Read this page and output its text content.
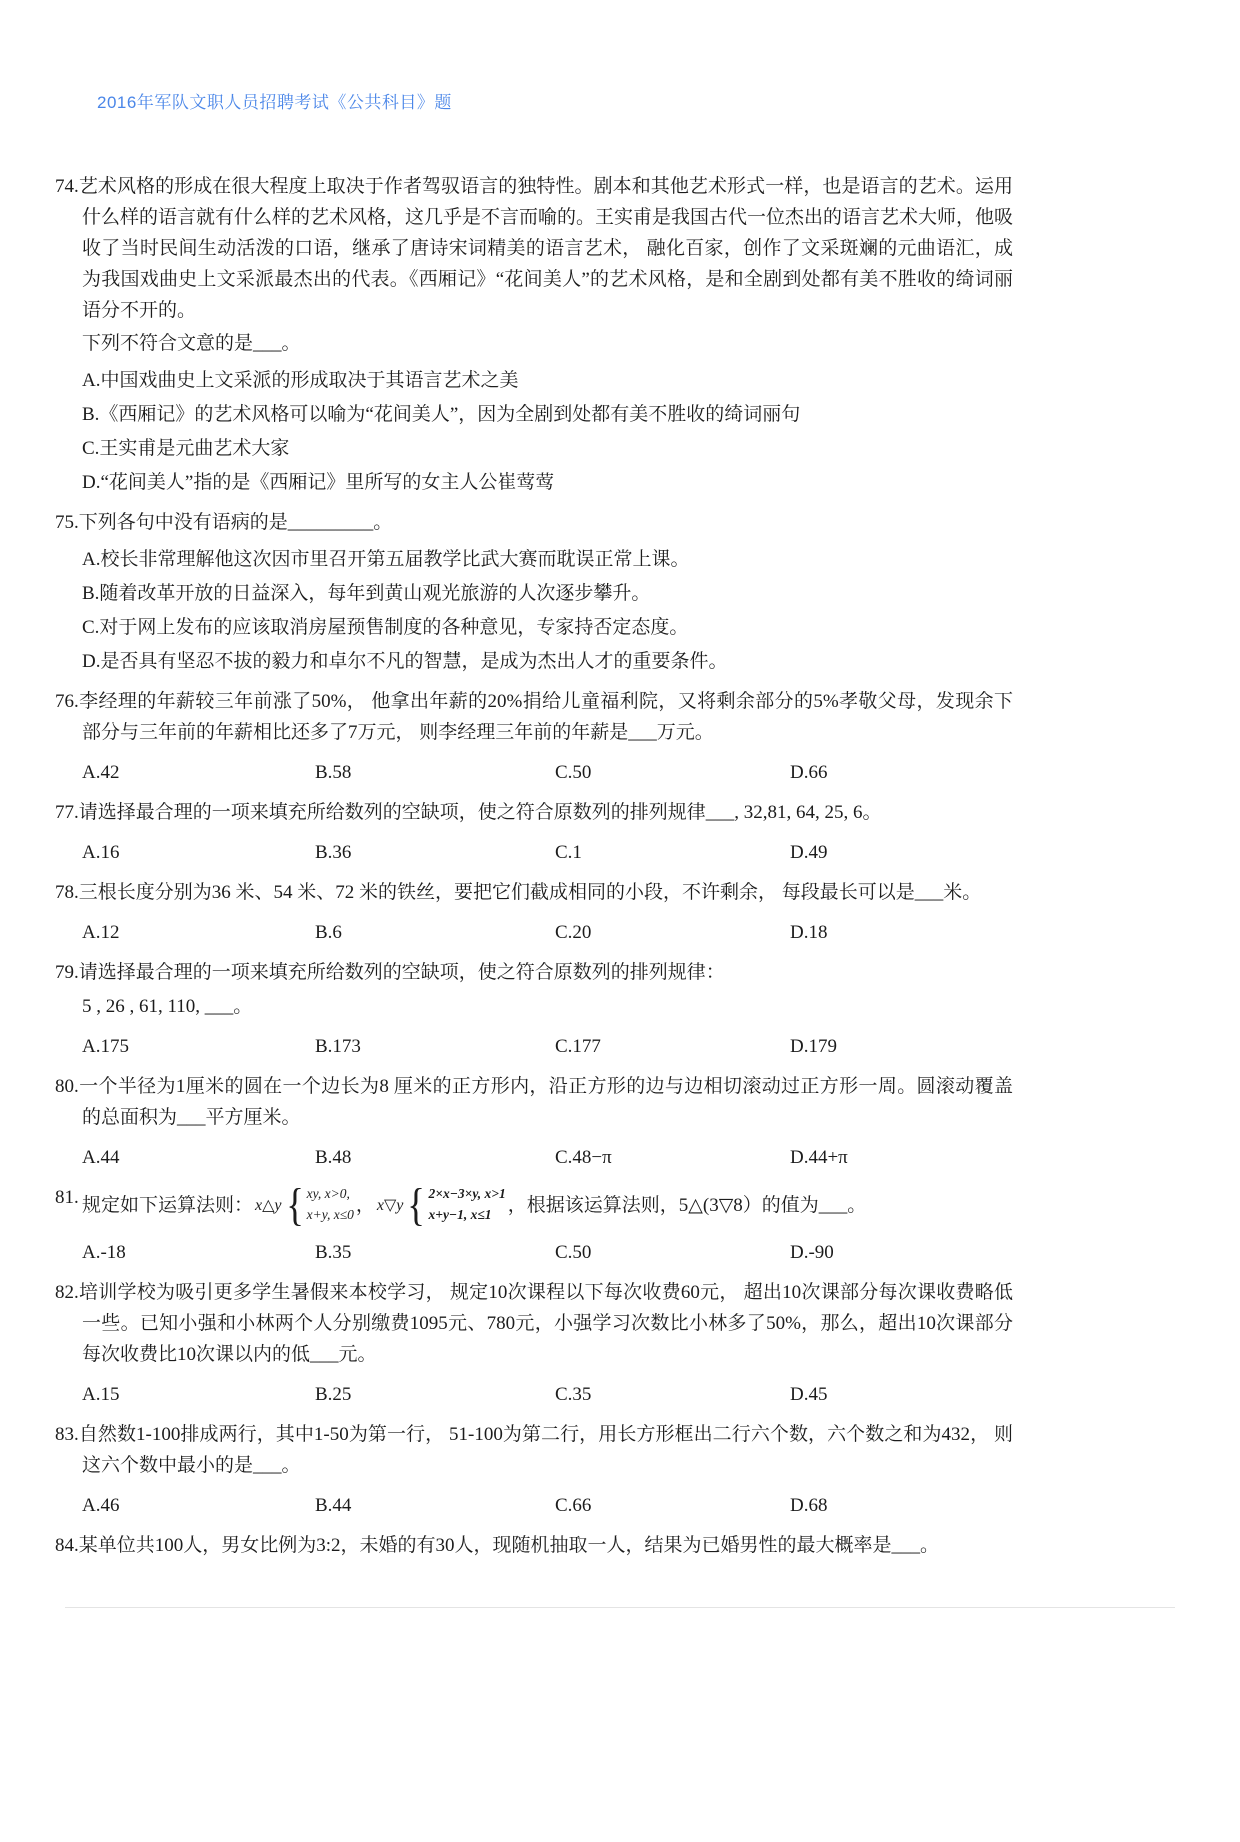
2016年军队文职人员招聘考试《公共科目》题

74.艺术风格的形成在很大程度上取决于作者驾驭语言的独特性。剧本和其他艺术形式一样，也是语言的艺术。运用什么样的语言就有什么样的艺术风格，这几乎是不言而喻的。王实甫是我国古代一位杰出的语言艺术大师，他吸收了当时民间生动活泼的口语，继承了唐诗宋词精美的语言艺术， 融化百家，创作了文采斑斓的元曲语汇，成为我国戏曲史上文采派最杰出的代表。《西厢记》“花间美人”的艺术风格，是和全剧到处都有美不胜收的绮词丽语分不开的。

下列不符合文意的是___。

A.中国戏曲史上文采派的形成取决于其语言艺术之美
B.《西厢记》的艺术风格可以喻为“花间美人”，因为全剧到处都有美不胜收的绮词丽句
C.王实甫是元曲艺术大家
D.“花间美人”指的是《西厢记》里所写的女主人公崔莺莺

75.下列各句中没有语病的是_________。

A.校长非常理解他这次因市里召开第五届教学比武大赛而耽误正常上课。
B.随着改革开放的日益深入，每年到黄山观光旅游的人次逐步攀升。
C.对于网上发布的应该取消房屋预售制度的各种意见，专家持否定态度。
D.是否具有坚忍不拔的毅力和卓尔不凡的智慧，是成为杰出人才的重要条件。

76.李经理的年薪较三年前涨了50%， 他拿出年薪的20%捐给儿童福利院，又将剩余部分的5%孝敬父母，发现余下部分与三年前的年薪相比还多了7万元， 则李经理三年前的年薪是___万元。

A.42	B.58	C.50	D.66

77.请选择最合理的一项来填充所给数列的空缺项，使之符合原数列的排列规律___, 32,81, 64, 25, 6。

A.16	B.36	C.1	D.49

78.三根长度分别为36 米、54 米、72 米的铁丝，要把它们截成相同的小段，不许剩余， 每段最长可以是___米。

A.12	B.6	C.20	D.18

79.请选择最合理的一项来填充所给数列的空缺项，使之符合原数列的排列规律：

5 , 26 , 61, 110, ___。

A.175	B.173	C.177	D.179

80.一个半径为1厘米的圆在一个边长为8 厘米的正方形内，沿正方形的边与边相切滚动过正方形一周。圆滚动覆盖的总面积为___平方厘米。

A.44	B.48	C.48−π	D.44+π
81. 规定如下运算法则： x△y { xy, x>0,
x+y, x≤0 ， x▽y { 2×x−3×y, x>1
x+y−1, x≤1 ，根据该运算法则，5△(3▽8）的值为___。
A.-18	B.35	C.50	D.-90

82.培训学校为吸引更多学生暑假来本校学习， 规定10次课程以下每次收费60元， 超出10次课部分每次课收费略低一些。已知小强和小林两个人分别缴费1095元、780元，小强学习次数比小林多了50%，那么，超出10次课部分每次收费比10次课以内的低___元。

A.15	B.25	C.35	D.45

83.自然数1-100排成两行，其中1-50为第一行， 51-100为第二行，用长方形框出二行六个数，六个数之和为432， 则这六个数中最小的是___。

A.46	B.44	C.66	D.68

84.某单位共100人，男女比例为3:2，未婚的有30人，现随机抽取一人，结果为已婚男性的最大概率是___。
